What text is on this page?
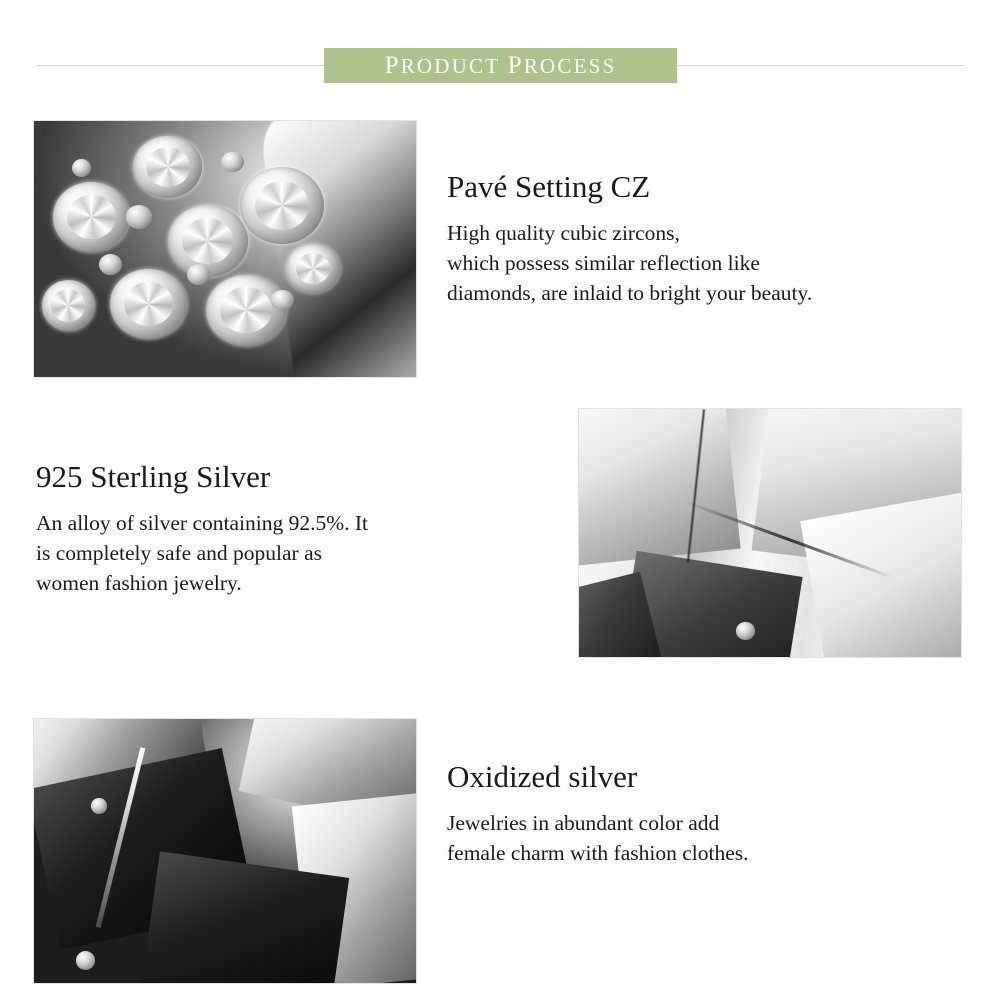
PRODUCT PROCESS
Pavé Setting CZ

High quality cubic zircons,
which possess similar reflection like
diamonds, are inlaid to bright your beauty.

925 Sterling Silver

An alloy of silver containing 92.5%. It
is completely safe and popular as
women fashion jewelry.

Oxidized silver

Jewelries in abundant color add
female charm with fashion clothes.
